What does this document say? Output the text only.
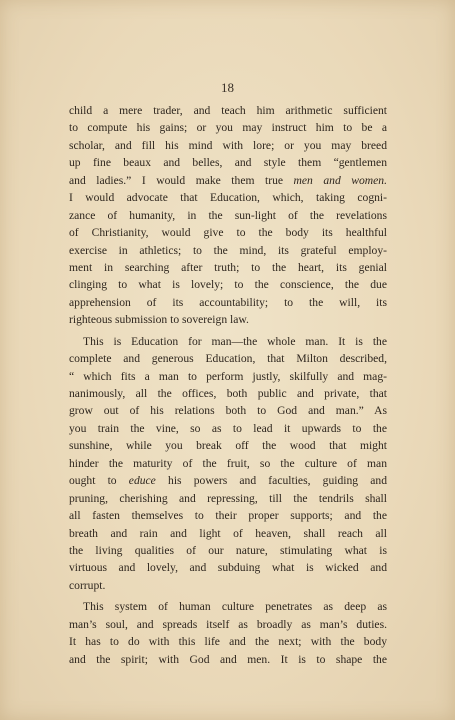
18
child a mere trader, and teach him arithmetic sufficient
to compute his gains; or you may instruct him to be a
scholar, and fill his mind with lore; or you may breed
up fine beaux and belles, and style them “gentlemen
and ladies.” I would make them true men and women.
I would advocate that Education, which, taking cogni-
zance of humanity, in the sun-light of the revelations
of Christianity, would give to the body its healthful
exercise in athletics; to the mind, its grateful employ-
ment in searching after truth; to the heart, its genial
clinging to what is lovely; to the conscience, the due
apprehension of its accountability; to the will, its
righteous submission to sovereign law.
This is Education for man—the whole man. It is the
complete and generous Education, that Milton described,
“ which fits a man to perform justly, skilfully and mag-
nanimously, all the offices, both public and private, that
grow out of his relations both to God and man.” As
you train the vine, so as to lead it upwards to the
sunshine, while you break off the wood that might
hinder the maturity of the fruit, so the culture of man
ought to educe his powers and faculties, guiding and
pruning, cherishing and repressing, till the tendrils shall
all fasten themselves to their proper supports; and the
breath and rain and light of heaven, shall reach all
the living qualities of our nature, stimulating what is
virtuous and lovely, and subduing what is wicked and
corrupt.
This system of human culture penetrates as deep as
man’s soul, and spreads itself as broadly as man’s duties.
It has to do with this life and the next; with the body
and the spirit; with God and men. It is to shape the
